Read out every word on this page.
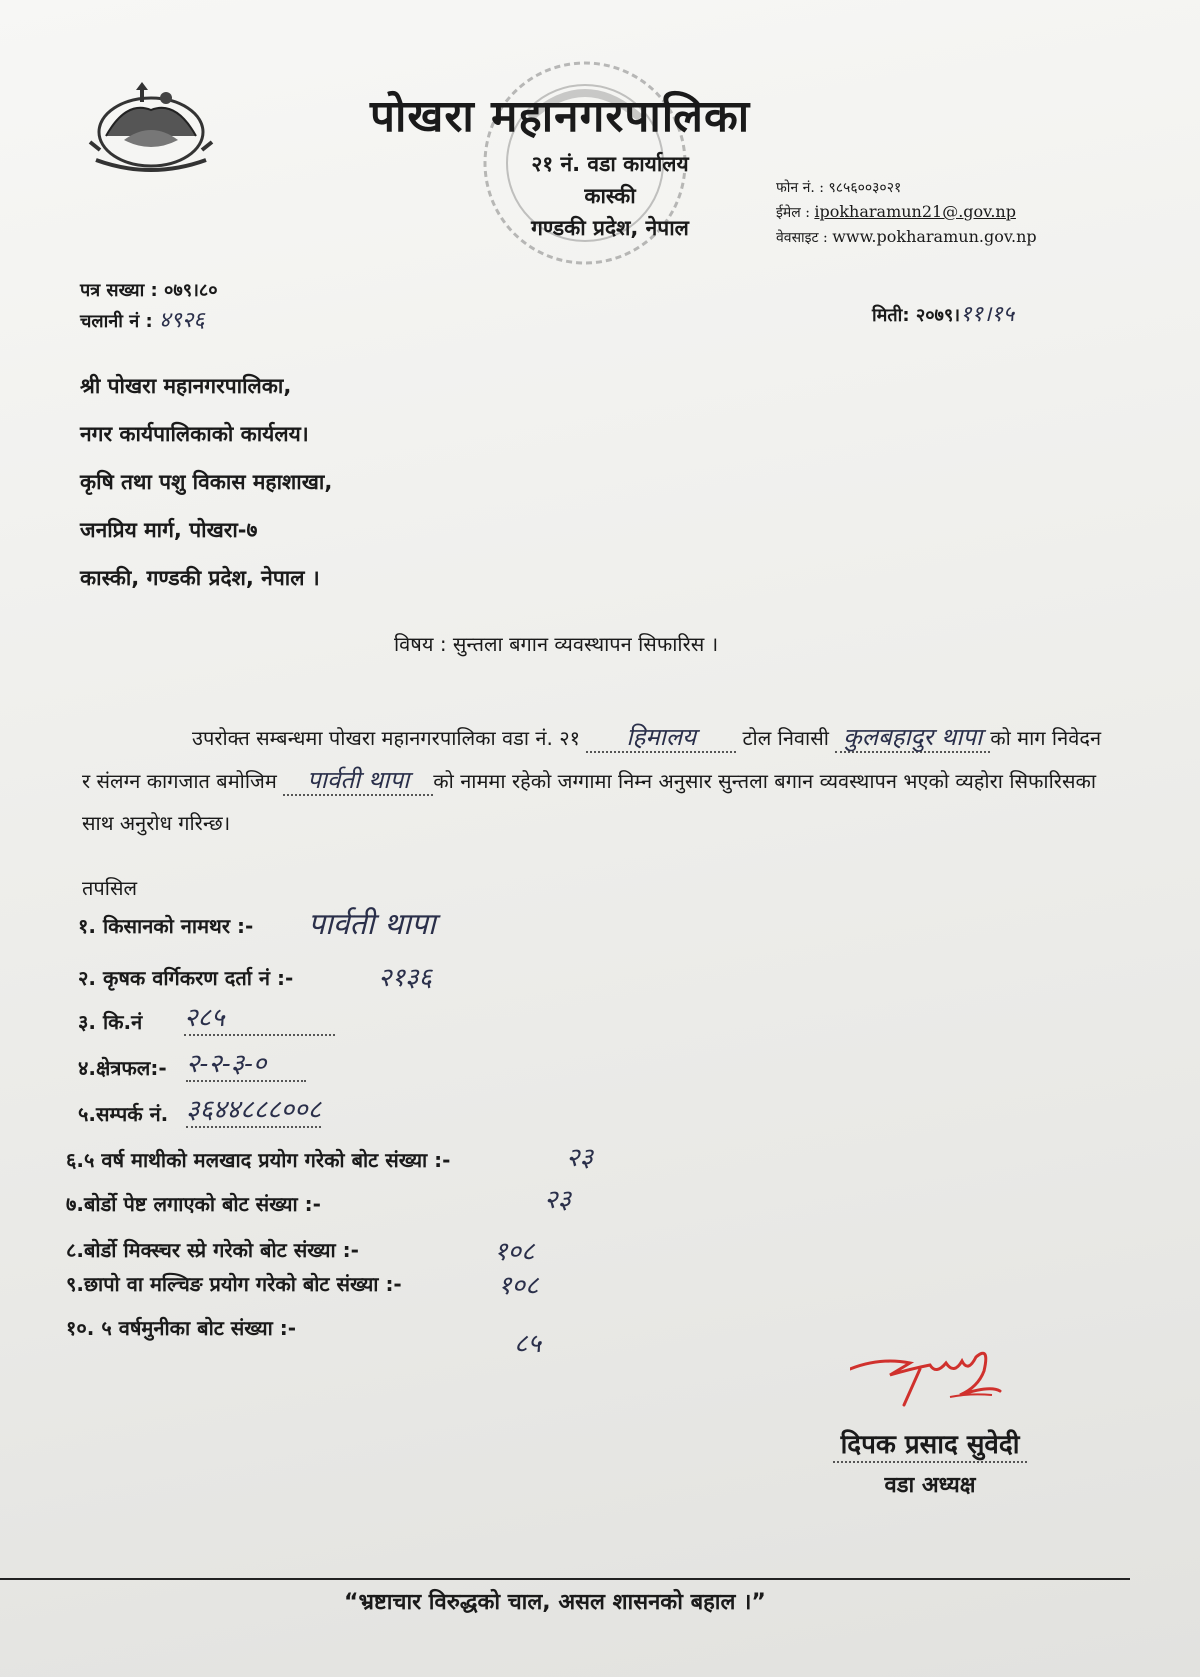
पोखरा महानगरपालिका
२१ नं. वडा कार्यालय
कास्की
गण्डकी प्रदेश, नेपाल
फोन नं. : ९८५६००३०२१
ईमेल : ipokharamun21@.gov.np
वेवसाइट : www.pokharamun.gov.np
पत्र सख्या : ०७९।८०
चलानी नं : ४९२६	मिती: २०७९।११।१५
श्री पोखरा महानगरपालिका,
नगर कार्यपालिकाको कार्यलय।
कृषि तथा पशु विकास महाशाखा,
जनप्रिय मार्ग, पोखरा-७
कास्की, गण्डकी प्रदेश, नेपाल ।
विषय : सुन्तला बगान व्यवस्थापन सिफारिस ।
उपरोक्त सम्बन्धमा पोखरा महानगरपालिका वडा नं. २१ हिमालय टोल निवासी कुलबहादुर थापा को माग निवेदन र संलग्न कागजात बमोजिम पार्वती थापा को नाममा रहेको जग्गामा निम्न अनुसार सुन्तला बगान व्यवस्थापन भएको व्यहोरा सिफारिसका साथ अनुरोध गरिन्छ।
तपसिल
१. किसानको नामथर :- पार्वती थापा
२. कृषक वर्गिकरण दर्ता नं :-	२१३६
३. कि.नं २८५
४.क्षेत्रफल:- २-२-३-०
५.सम्पर्क नं. ३६४४८८८००८
६.५ वर्ष माथीको मलखाद प्रयोग गरेको बोट संख्या :-	२३
७.बोर्डो पेष्ट लगाएको बोट संख्या :-	२३
८.बोर्डो मिक्स्चर स्प्रे गरेको बोट संख्या :-	१०८
९.छापो वा मल्चिङ प्रयोग गरेको बोट संख्या :-	१०८
१०. ५ वर्षमुनीका बोट संख्या :-
८५
दिपक प्रसाद सुवेदी
वडा अध्यक्ष
“भ्रष्टाचार विरुद्धको चाल, असल शासनको बहाल ।”
